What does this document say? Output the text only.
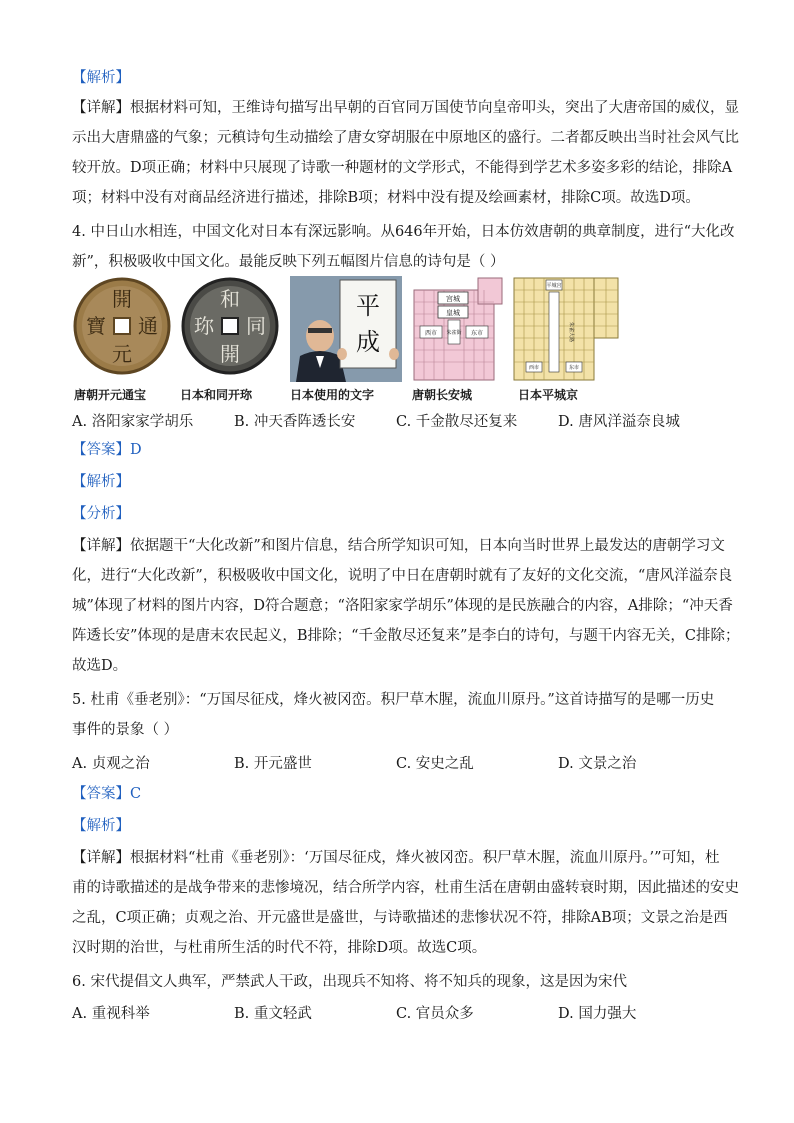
【解析】
【详解】根据材料可知，王维诗句描写出早朝的百官同万国使节向皇帝叩头，突出了大唐帝国的威仪，显
示出大唐鼎盛的气象；元稹诗句生动描绘了唐女穿胡服在中原地区的盛行。二者都反映出当时社会风气比
较开放。D项正确；材料中只展现了诗歌一种题材的文学形式，不能得到学艺术多姿多彩的结论，排除A
项；材料中没有对商品经济进行描述，排除B项；材料中没有提及绘画素材，排除C项。故选D项。
4. 中日山水相连，中国文化对日本有深远影响。从646年开始，日本仿效唐朝的典章制度，进行“大化改
新”，积极吸收中国文化。最能反映下列五幅图片信息的诗句是（ ）
開
通
元
寶
唐朝开元通宝
和
同
開
珎
日本和同开珎
平
成
日本使用的文字
宫城
皇城
朱雀街
西市	东市
唐朝长安城
平城宫
朱雀大路
西市	东市
日本平城京
A. 洛阳家家学胡乐	B. 冲天香阵透长安	C. 千金散尽还复来	D. 唐风洋溢奈良城
【答案】D
【解析】
【分析】
【详解】依据题干“大化改新”和图片信息，结合所学知识可知，日本向当时世界上最发达的唐朝学习文
化，进行“大化改新”，积极吸收中国文化，说明了中日在唐朝时就有了友好的文化交流，“唐风洋溢奈良
城”体现了材料的图片内容，D符合题意；“洛阳家家学胡乐”体现的是民族融合的内容，A排除；“冲天香
阵透长安”体现的是唐末农民起义，B排除；“千金散尽还复来”是李白的诗句，与题干内容无关，C排除；
故选D。
5. 杜甫《垂老别》：“万国尽征戍，烽火被冈峦。积尸草木腥，流血川原丹。”这首诗描写的是哪一历史
事件的景象（ ）
A. 贞观之治	B. 开元盛世	C. 安史之乱	D. 文景之治
【答案】C
【解析】
【详解】根据材料“杜甫《垂老别》：‘万国尽征戍，烽火被冈峦。积尸草木腥，流血川原丹。’”可知，杜
甫的诗歌描述的是战争带来的悲惨境况，结合所学内容，杜甫生活在唐朝由盛转衰时期，因此描述的安史
之乱，C项正确；贞观之治、开元盛世是盛世，与诗歌描述的悲惨状况不符，排除AB项；文景之治是西
汉时期的治世，与杜甫所生活的时代不符，排除D项。故选C项。
6. 宋代提倡文人典军，严禁武人干政，出现兵不知将、将不知兵的现象，这是因为宋代
A. 重视科举	B. 重文轻武	C. 官员众多	D. 国力强大
